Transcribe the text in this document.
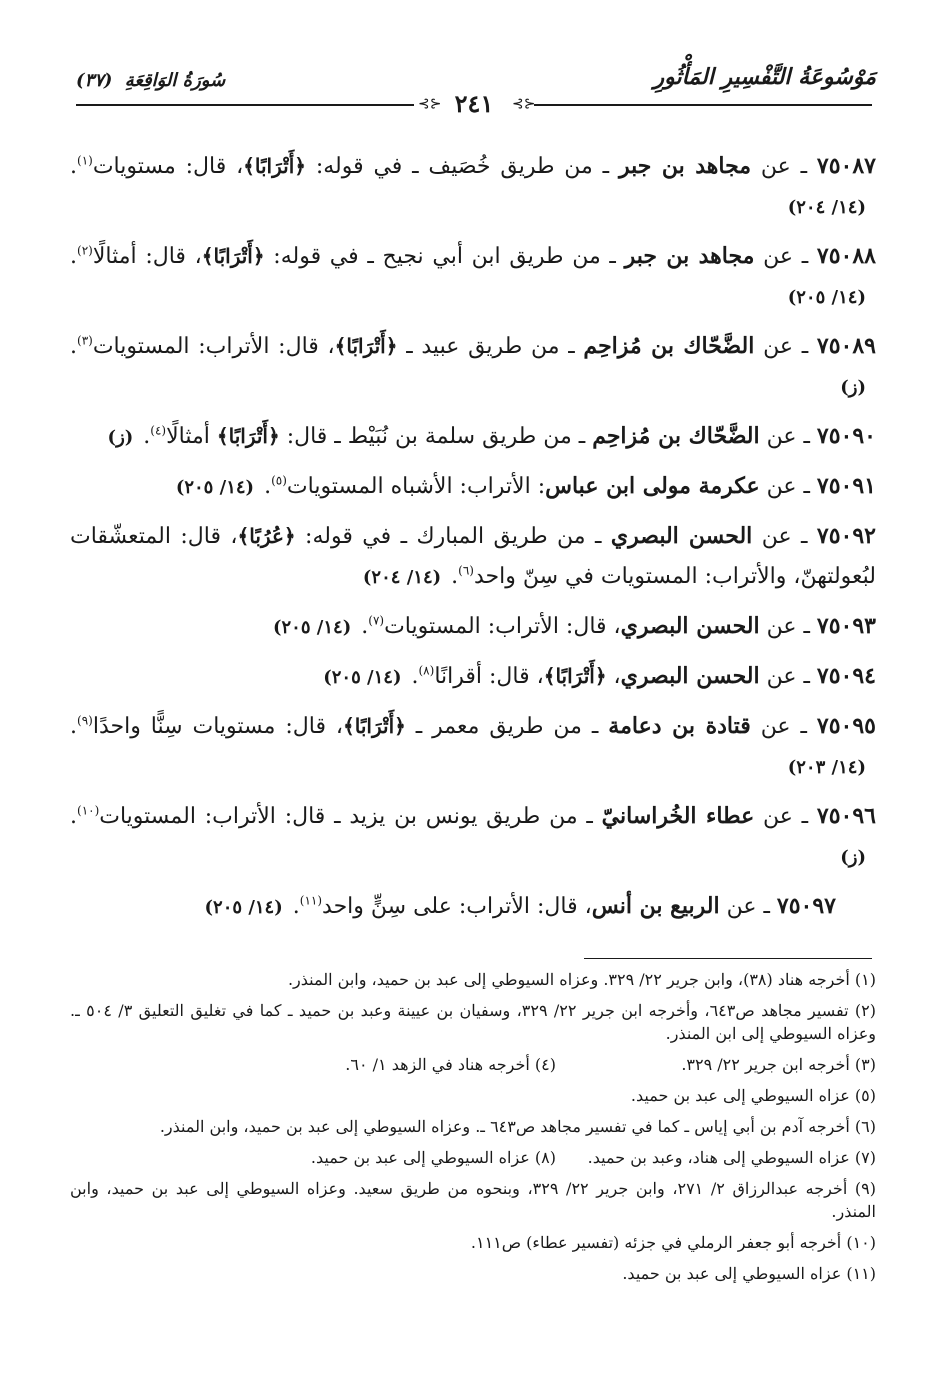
مَوْسُوعَةُ التَّفْسِيرِ المَأْثُورِ
(٣٧) سُورَةُ الوَاقِعَةِ
⊰⊱ ٢٤١	⊰⊱

٧٥٠٨٧ ـ عن مجاهد بن جبر ـ من طريق خُصَيف ـ في قوله: ﴿أَتْرَابًا﴾، قال: مستويات$^{(١)}$.(١٤/ ٢٠٤)

٧٥٠٨٨ ـ عن مجاهد بن جبر ـ من طريق ابن أبي نجيح ـ في قوله: ﴿أَتْرَابًا﴾، قال: أمثالًا$^{(٢)}$.(١٤/ ٢٠٥)

٧٥٠٨٩ ـ عن الضَّحّاك بن مُزاحِم ـ من طريق عبيد ـ ﴿أَتْرَابًا﴾، قال: الأتراب: المستويات$^{(٣)}$.(ز)

٧٥٠٩٠ ـ عن الضَّحّاك بن مُزاحِم ـ من طريق سلمة بن نُبَيْط ـ قال: ﴿أَتْرَابًا﴾ أمثالًا$^{(٤)}$.(ز)

٧٥٠٩١ ـ عن عكرمة مولى ابن عباس: الأتراب: الأشباه المستويات$^{(٥)}$.(١٤/ ٢٠٥)

٧٥٠٩٢ ـ عن الحسن البصري ـ من طريق المبارك ـ في قوله: ﴿عُرُبًا﴾، قال: المتعشّقات لبُعولتهنّ، والأتراب: المستويات في سِنّ واحد$^{(٦)}$.(١٤/ ٢٠٤)

٧٥٠٩٣ ـ عن الحسن البصري، قال: الأتراب: المستويات$^{(٧)}$.(١٤/ ٢٠٥)

٧٥٠٩٤ ـ عن الحسن البصري، ﴿أَتْرَابًا﴾، قال: أقرانًا$^{(٨)}$.(١٤/ ٢٠٥)

٧٥٠٩٥ ـ عن قتادة بن دعامة ـ من طريق معمر ـ ﴿أَتْرَابًا﴾، قال: مستويات سِنًّا واحدًا$^{(٩)}$.(١٤/ ٢٠٣)

٧٥٠٩٦ ـ عن عطاء الخُراسانيّ ـ من طريق يونس بن يزيد ـ قال: الأتراب: المستويات$^{(١٠)}$.(ز)

٧٥٠٩٧ ـ عن الربيع بن أنس، قال: الأتراب: على سِنٍّ واحد$^{(١١)}$.(١٤/ ٢٠٥)

(١) أخرجه هناد (٣٨)، وابن جرير ٢٢/ ٣٢٩. وعزاه السيوطي إلى عبد بن حميد، وابن المنذر.

(٢) تفسير مجاهد ص٦٤٣، وأخرجه ابن جرير ٢٢/ ٣٢٩، وسفيان بن عيينة وعبد بن حميد ـ كما في تغليق التعليق ٣/ ٥٠٤ ـ. وعزاه السيوطي إلى ابن المنذر.

(٣) أخرجه ابن جرير ٢٢/ ٣٢٩.

(٤) أخرجه هناد في الزهد ١/ ٦٠.

(٥) عزاه السيوطي إلى عبد بن حميد.

(٦) أخرجه آدم بن أبي إياس ـ كما في تفسير مجاهد ص٦٤٣ ـ. وعزاه السيوطي إلى عبد بن حميد، وابن المنذر.

(٧) عزاه السيوطي إلى هناد، وعبد بن حميد.

(٨) عزاه السيوطي إلى عبد بن حميد.

(٩) أخرجه عبدالرزاق ٢/ ٢٧١، وابن جرير ٢٢/ ٣٢٩، وبنحوه من طريق سعيد. وعزاه السيوطي إلى عبد بن حميد، وابن المنذر.

(١٠) أخرجه أبو جعفر الرملي في جزئه (تفسير عطاء) ص١١١.

(١١) عزاه السيوطي إلى عبد بن حميد.
